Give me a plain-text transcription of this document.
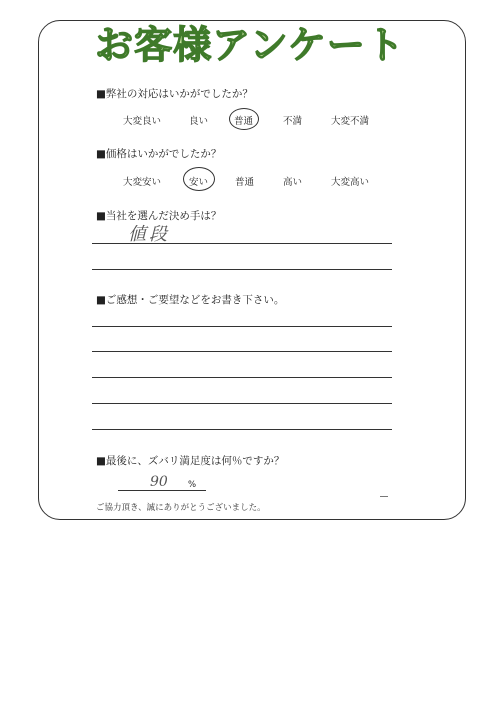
お客様アンケート
■弊社の対応はいかがでしたか？
大変良い	良い	普通	不満	大変不満
■価格はいかがでしたか？
大変安い	安い	普通	高い	大変高い
■当社を選んだ決め手は？
値段
■ご感想・ご要望などをお書き下さい。
■最後に、ズバリ満足度は何％ですか？
90 %
ご協力頂き、誠にありがとうございました。
